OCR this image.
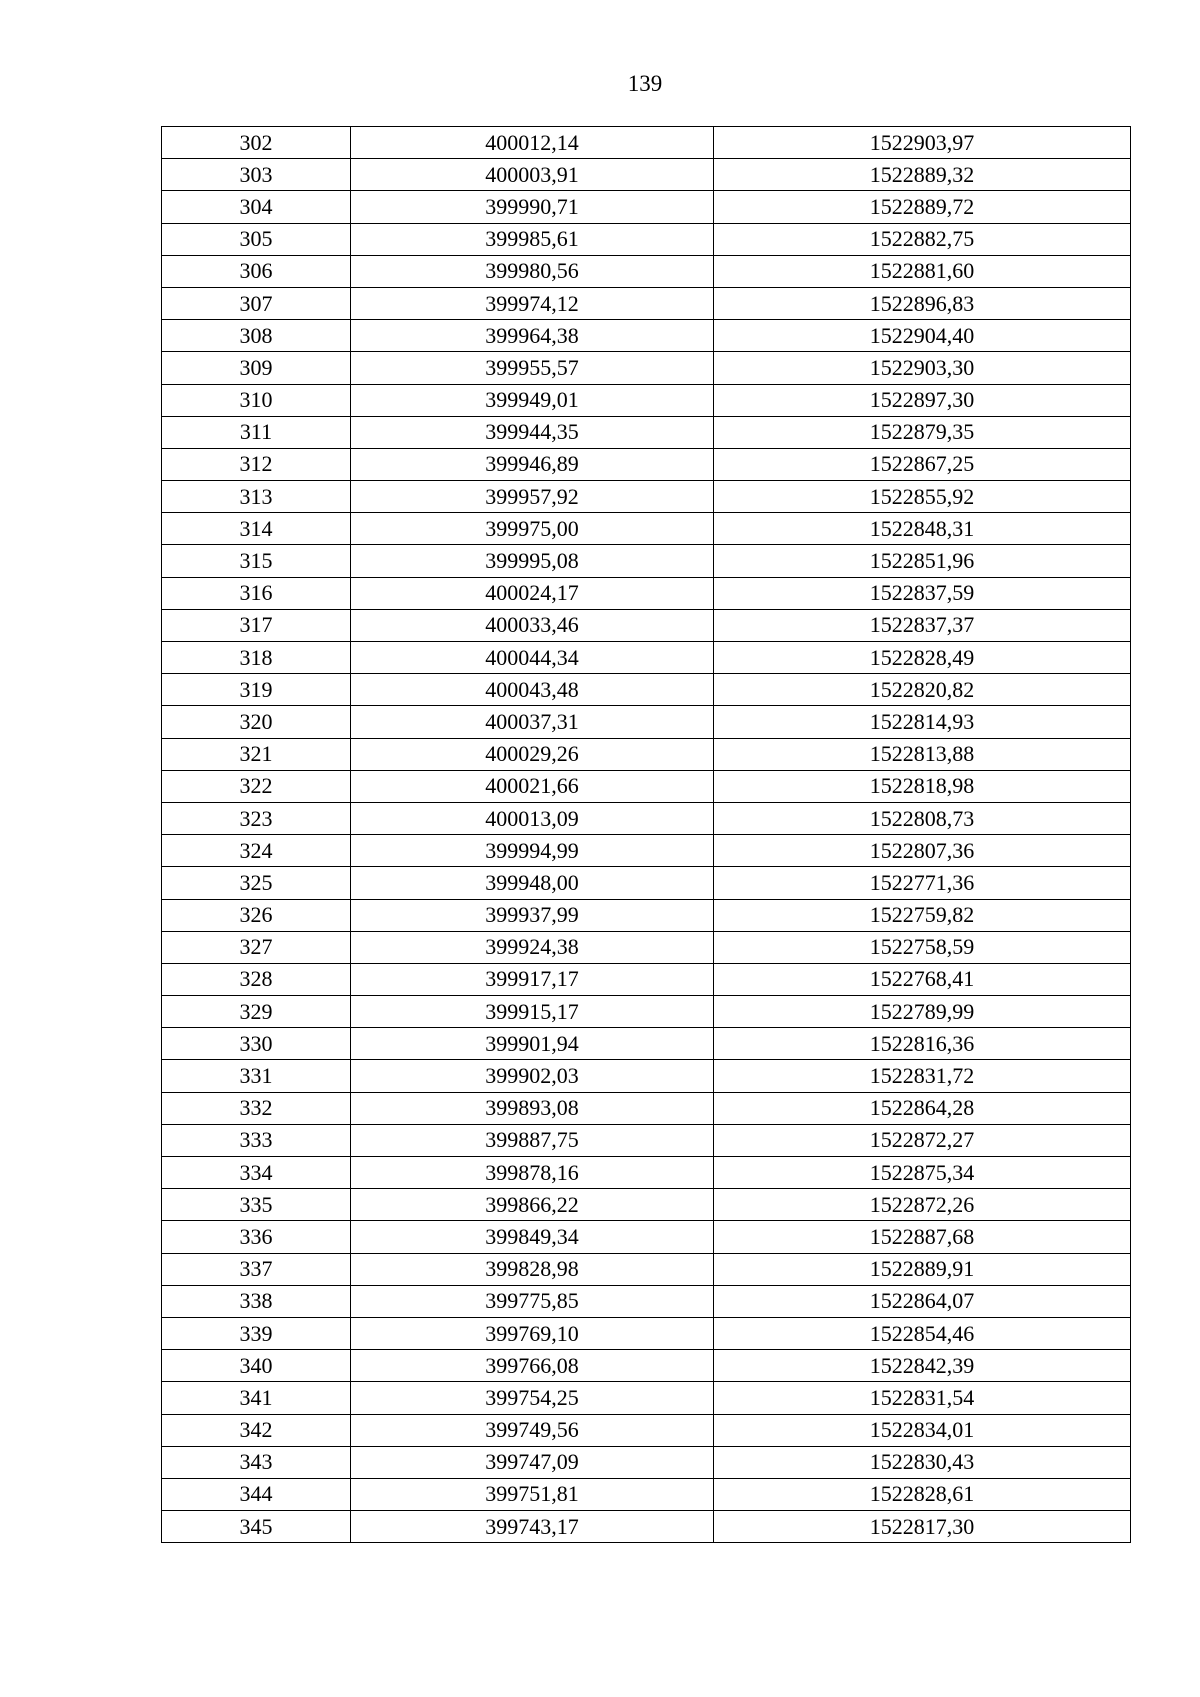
139
302	400012,14	1522903,97
303	400003,91	1522889,32
304	399990,71	1522889,72
305	399985,61	1522882,75
306	399980,56	1522881,60
307	399974,12	1522896,83
308	399964,38	1522904,40
309	399955,57	1522903,30
310	399949,01	1522897,30
311	399944,35	1522879,35
312	399946,89	1522867,25
313	399957,92	1522855,92
314	399975,00	1522848,31
315	399995,08	1522851,96
316	400024,17	1522837,59
317	400033,46	1522837,37
318	400044,34	1522828,49
319	400043,48	1522820,82
320	400037,31	1522814,93
321	400029,26	1522813,88
322	400021,66	1522818,98
323	400013,09	1522808,73
324	399994,99	1522807,36
325	399948,00	1522771,36
326	399937,99	1522759,82
327	399924,38	1522758,59
328	399917,17	1522768,41
329	399915,17	1522789,99
330	399901,94	1522816,36
331	399902,03	1522831,72
332	399893,08	1522864,28
333	399887,75	1522872,27
334	399878,16	1522875,34
335	399866,22	1522872,26
336	399849,34	1522887,68
337	399828,98	1522889,91
338	399775,85	1522864,07
339	399769,10	1522854,46
340	399766,08	1522842,39
341	399754,25	1522831,54
342	399749,56	1522834,01
343	399747,09	1522830,43
344	399751,81	1522828,61
345	399743,17	1522817,30
